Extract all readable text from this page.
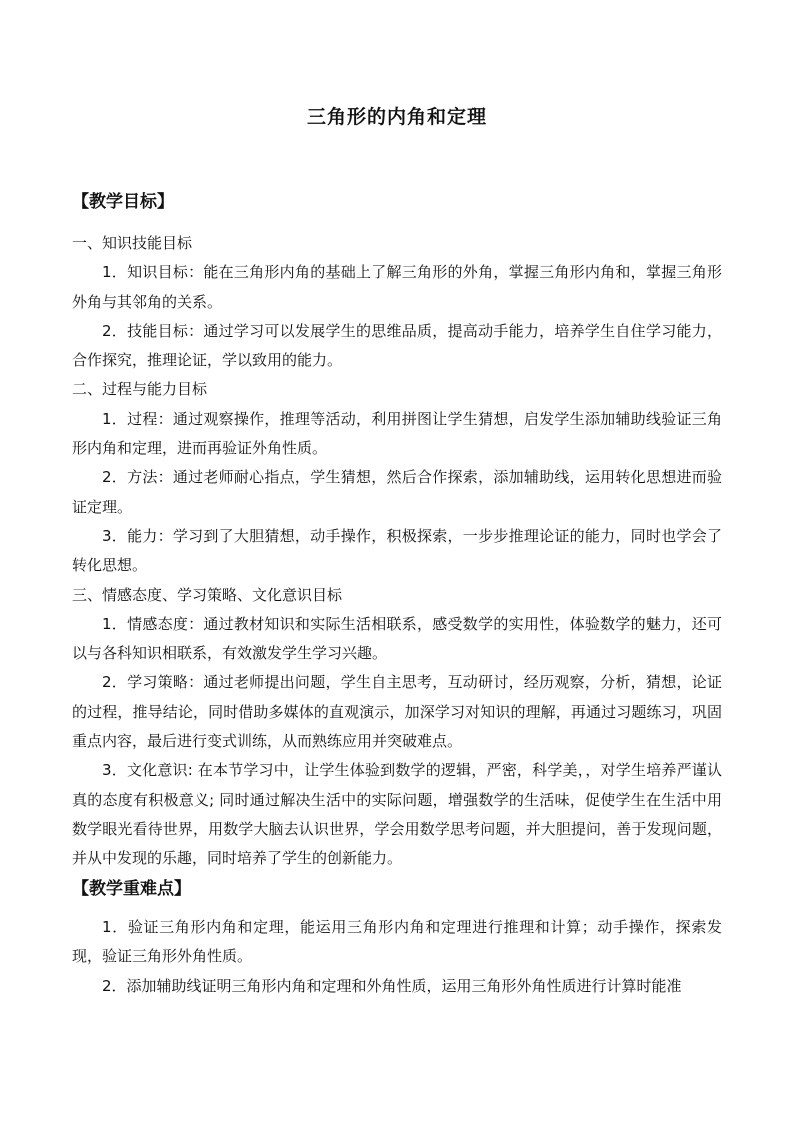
三角形的内角和定理
【教学目标】
一、知识技能目标

1．知识目标：能在三角形内角的基础上了解三角形的外角，掌握三角形内角和，掌握三角形外角与其邻角的关系。

2．技能目标：通过学习可以发展学生的思维品质，提高动手能力，培养学生自住学习能力，合作探究，推理论证，学以致用的能力。

二、过程与能力目标

1．过程：通过观察操作，推理等活动，利用拼图让学生猜想，启发学生添加辅助线验证三角形内角和定理，进而再验证外角性质。

2．方法：通过老师耐心指点，学生猜想，然后合作探索，添加辅助线，运用转化思想进而验证定理。

3．能力：学习到了大胆猜想，动手操作，积极探索，一步步推理论证的能力，同时也学会了转化思想。

三、情感态度、学习策略、文化意识目标

1．情感态度：通过教材知识和实际生活相联系，感受数学的实用性，体验数学的魅力，还可以与各科知识相联系，有效激发学生学习兴趣。

2．学习策略：通过老师提出问题，学生自主思考，互动研讨，经历观察，分析，猜想，论证的过程，推导结论，同时借助多媒体的直观演示，加深学习对知识的理解，再通过习题练习，巩固重点内容，最后进行变式训练，从而熟练应用并突破难点。

3．文化意识: 在本节学习中，让学生体验到数学的逻辑，严密，科学美，，对学生培养严谨认真的态度有积极意义; 同时通过解决生活中的实际问题，增强数学的生活味，促使学生在生活中用数学眼光看待世界，用数学大脑去认识世界，学会用数学思考问题，并大胆提问，善于发现问题，并从中发现的乐趣，同时培养了学生的创新能力。

【教学重难点】

1．验证三角形内角和定理，能运用三角形内角和定理进行推理和计算；动手操作，探索发现，验证三角形外角性质。

2．添加辅助线证明三角形内角和定理和外角性质，运用三角形外角性质进行计算时能准
